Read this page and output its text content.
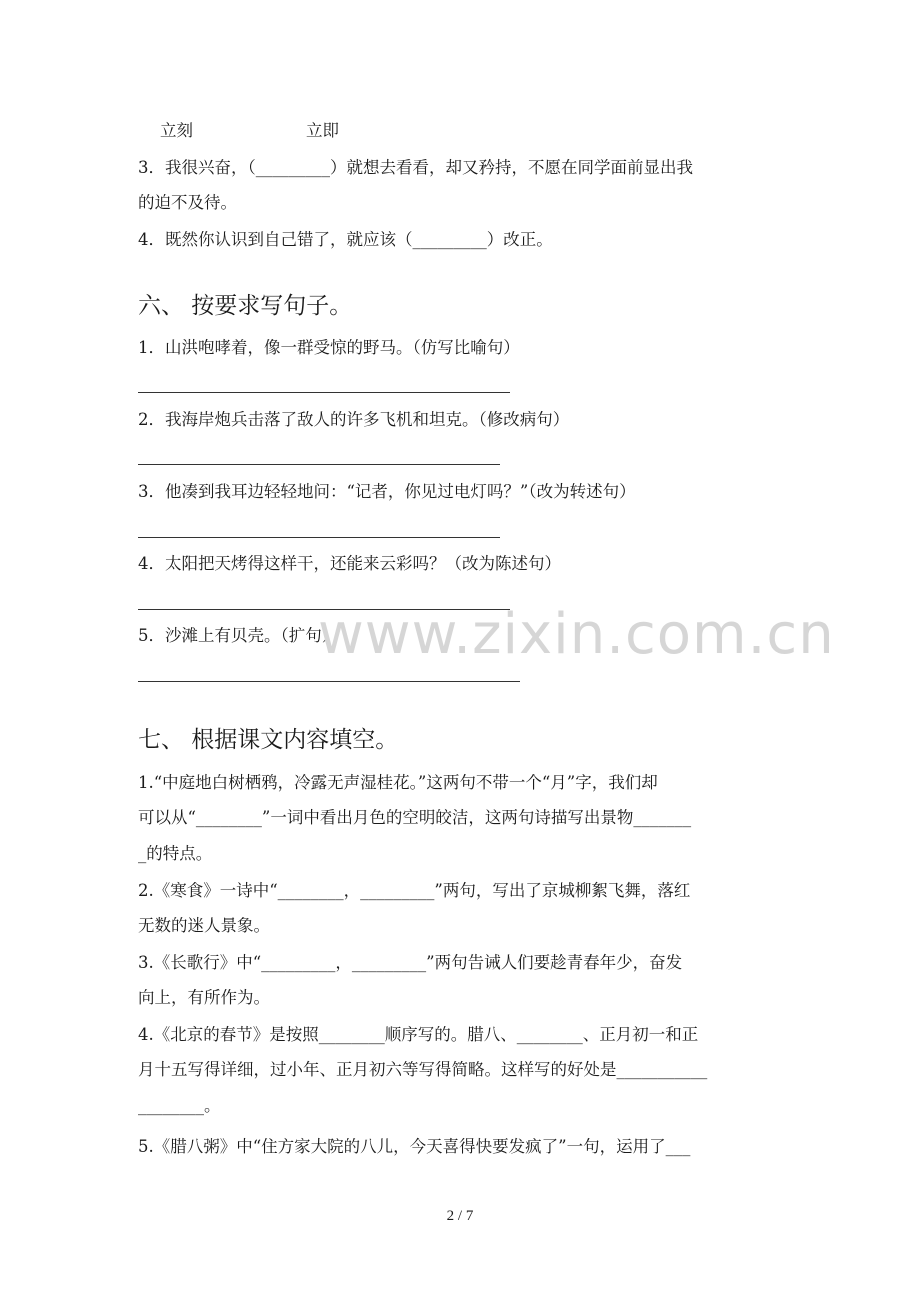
立刻	立即
3．我很兴奋，（_________）就想去看看，却又矜持，不愿在同学面前显出我
的迫不及待。
4．既然你认识到自己错了，就应该（_________）改正。
六、 按要求写句子。
1．山洪咆哮着，像一群受惊的野马。（仿写比喻句）
2．我海岸炮兵击落了敌人的许多飞机和坦克。（修改病句）
3．他凑到我耳边轻轻地问：“记者，你见过电灯吗？”（改为转述句）
4．太阳把天烤得这样干，还能来云彩吗？（改为陈述句）
5．沙滩上有贝壳。（扩句）
www.zixin.com.cn
七、 根据课文内容填空。
1.“中庭地白树栖鸦，冷露无声湿桂花。”这两句不带一个“月”字，我们却
可以从“________”一词中看出月色的空明皎洁，这两句诗描写出景物_______
_的特点。
2.《寒食》一诗中“________，_________”两句，写出了京城柳絮飞舞，落红
无数的迷人景象。
3.《长歌行》中“_________，_________”两句告诫人们要趁青春年少，奋发
向上，有所作为。
4.《北京的春节》是按照________顺序写的。腊八、________、正月初一和正
月十五写得详细，过小年、正月初六等写得简略。这样写的好处是___________
________。
5.《腊八粥》中“住方家大院的八儿，今天喜得快要发疯了”一句，运用了___
2 / 7
